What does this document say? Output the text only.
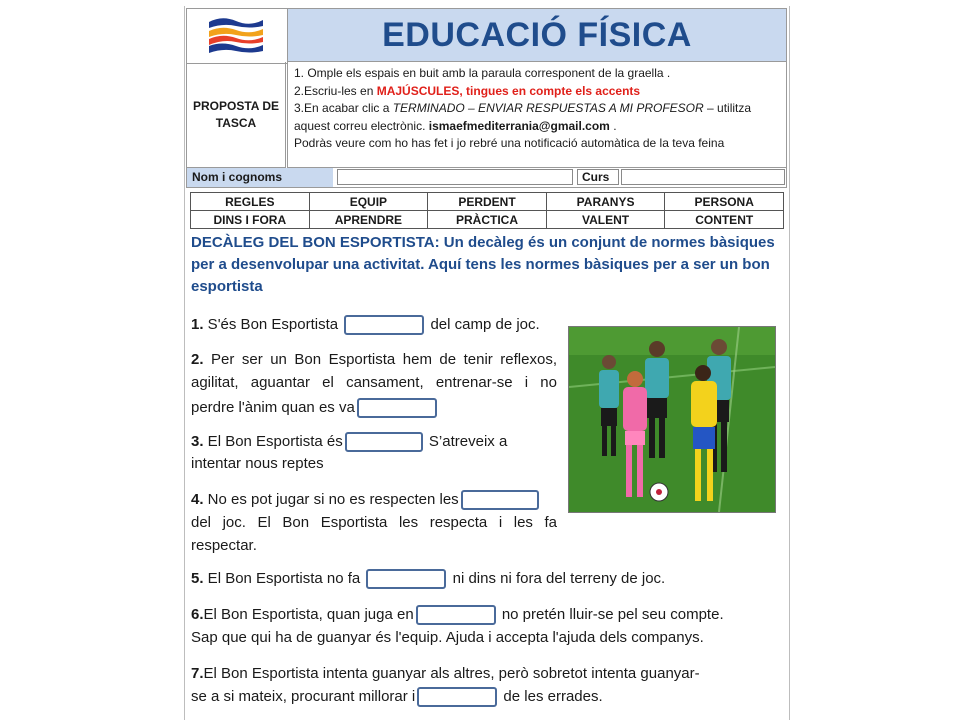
EDUCACIÓ FÍSICA
PROPOSTA DE TASCA
1. Omple els espais en buit amb la paraula corresponent de la graella .
2.Escriu-les en MAJÚSCULES, tingues en compte els accents
3.En acabar clic a TERMINADO – ENVIAR RESPUESTAS A MI PROFESOR – utilitza
aquest correu electrònic. ismaefmediterrania@gmail.com .
Podràs veure com ho has fet i jo rebré una notificació automàtica de la teva feina
Nom i cognoms	Curs
REGLES	EQUIP	PERDENT	PARANYS	PERSONA
DINS I FORA	APRENDRE	PRÀCTICA	VALENT	CONTENT
DECÀLEG DEL BON ESPORTISTA: Un decàleg és un conjunt de normes bàsiques per a desenvolupar una activitat. Aquí tens les normes bàsiques per a ser un bon esportista
1. S'és Bon Esportista	del camp de joc.
2. Per ser un Bon Esportista hem de tenir reflexos,
agilitat, aguantar el cansament, entrenar-se i no
perdre l'ànim quan es va
3. El Bon Esportista és	S’atreveix a
intentar nous reptes
4. No es pot jugar si no es respecten les
del joc. El Bon Esportista les respecta i les fa
respectar.
5. El Bon Esportista no fa	ni dins ni fora del terreny de joc.
6.El Bon Esportista, quan juga en	no pretén lluir-se pel seu compte.
Sap que qui ha de guanyar és l'equip. Ajuda i accepta l'ajuda dels companys.
7.El Bon Esportista intenta guanyar als altres, però sobretot intenta guanyar-
se a si mateix, procurant millorar i	de les errades.
